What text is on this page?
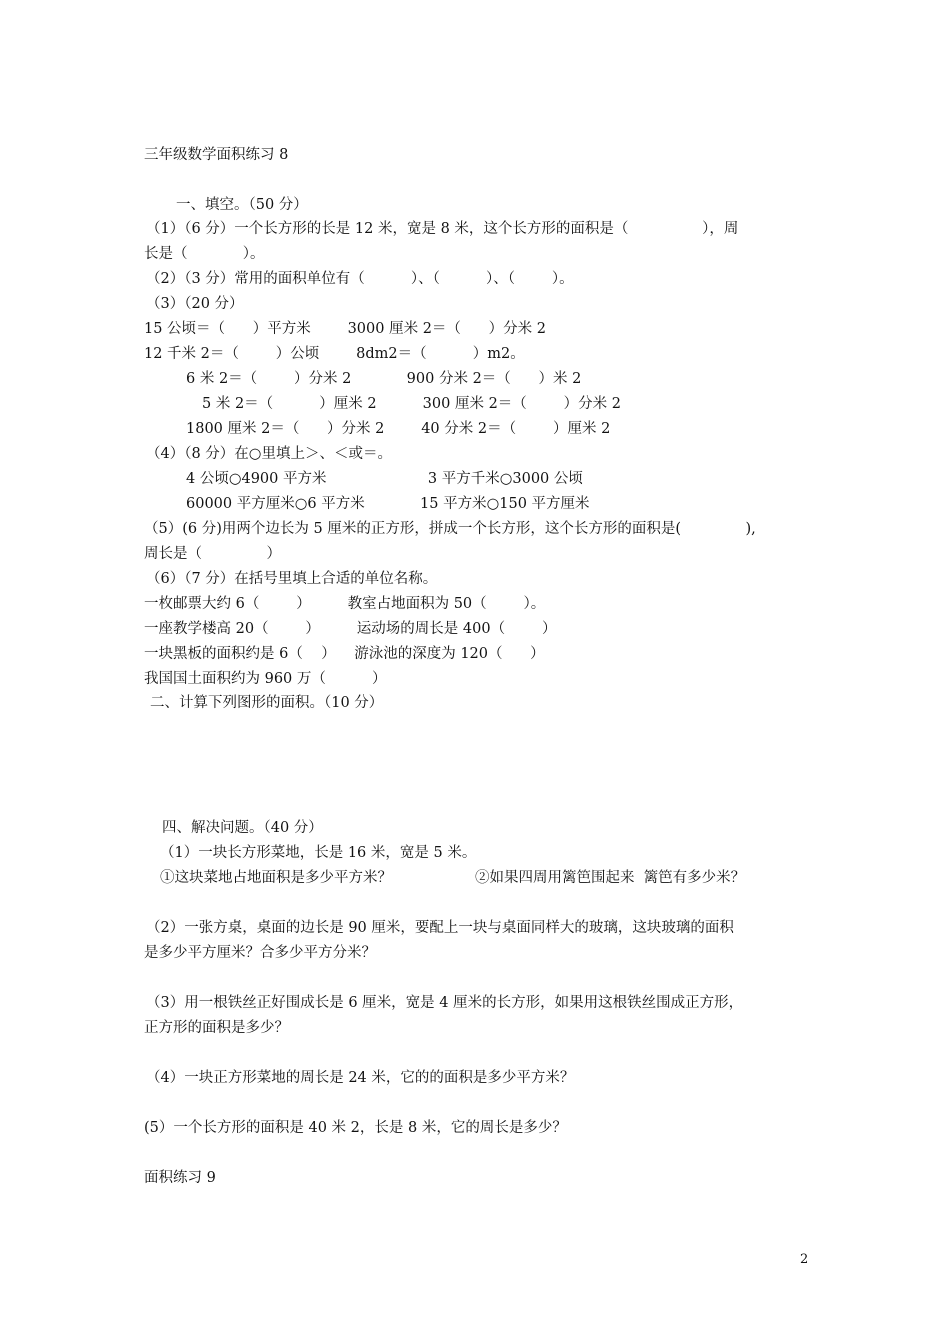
三年级数学面积练习 8
一、填空。（50 分）
（1）（6 分）一个长方形的长是 12 米，宽是 8 米，这个长方形的面积是（                ），周
长是（            ）。
（2）（3 分）常用的面积单位有（          ）、（          ）、（        ）。
（3）（20 分）
15 公顷＝（      ）平方米        3000 厘米 2＝（      ）分米 2
12 千米 2＝（        ）公顷        8dm2＝（          ）m2。
6 米 2＝（        ）分米 2            900 分米 2＝（      ）米 2
5 米 2＝（          ）厘米 2          300 厘米 2＝（        ）分米 2
1800 厘米 2＝（      ）分米 2        40 分米 2＝（        ）厘米 2
（4）（8 分）在○里填上＞、＜或＝。
4 公顷○4900 平方米                      3 平方千米○3000 公顷
60000 平方厘米○6 平方米            15 平方米○150 平方厘米
（5）(6 分)用两个边长为 5 厘米的正方形，拼成一个长方形，这个长方形的面积是(              ),
周长是（              ）
（6）（7 分）在括号里填上合适的单位名称。
一枚邮票大约 6（        ）        教室占地面积为 50（        ）。
一座教学楼高 20（        ）        运动场的周长是 400（        ）
一块黑板的面积约是 6（    ）    游泳池的深度为 120（      ）
我国国土面积约为 960 万（          ）
二、计算下列图形的面积。（10 分）
四、解决问题。（40 分）
（1）一块长方形菜地，长是 16 米，宽是 5 米。
①这块菜地占地面积是多少平方米？                  ②如果四周用篱笆围起来  篱笆有多少米？
（2）一张方桌，桌面的边长是 90 厘米，要配上一块与桌面同样大的玻璃，这块玻璃的面积
是多少平方厘米？合多少平方分米？
（3）用一根铁丝正好围成长是 6 厘米，宽是 4 厘米的长方形，如果用这根铁丝围成正方形，
正方形的面积是多少？
（4）一块正方形菜地的周长是 24 米，它的的面积是多少平方米？
(5）一个长方形的面积是 40 米 2，长是 8 米，它的周长是多少？
面积练习 9
2
